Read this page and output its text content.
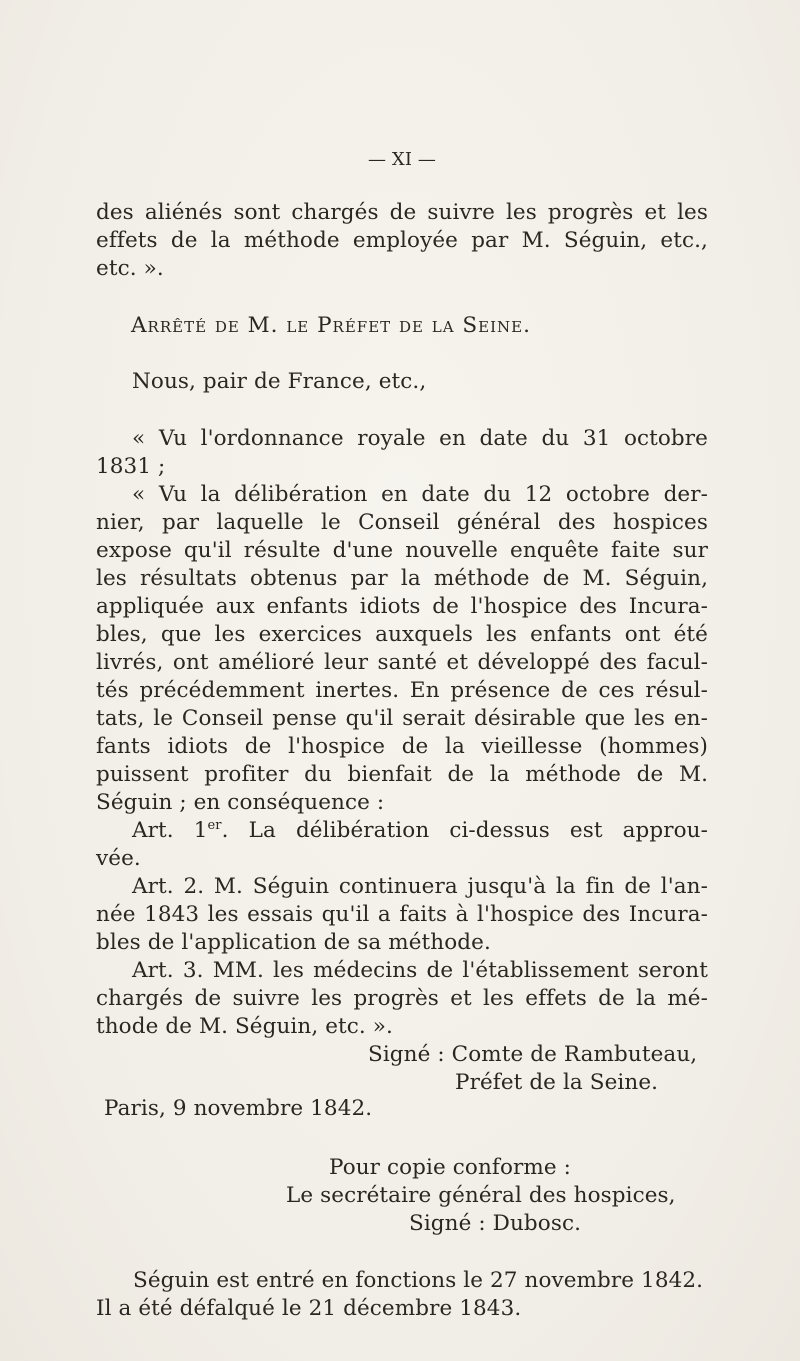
— XI —
des aliénés sont chargés de suivre les progrès et les
effets de la méthode employée par M. Séguin, etc.,
etc. ».
Arrêté de M. le Préfet de la Seine.
Nous, pair de France, etc.,
« Vu l'ordonnance royale en date du 31 octobre
1831 ;
« Vu la délibération en date du 12 octobre der-
nier, par laquelle le Conseil général des hospices
expose qu'il résulte d'une nouvelle enquête faite sur
les résultats obtenus par la méthode de M. Séguin,
appliquée aux enfants idiots de l'hospice des Incura-
bles, que les exercices auxquels les enfants ont été
livrés, ont amélioré leur santé et développé des facul-
tés précédemment inertes. En présence de ces résul-
tats, le Conseil pense qu'il serait désirable que les en-
fants idiots de l'hospice de la vieillesse (hommes)
puissent profiter du bienfait de la méthode de M.
Séguin ; en conséquence :
Art. 1er. La délibération ci-dessus est approu-
vée.
Art. 2. M. Séguin continuera jusqu'à la fin de l'an-
née 1843 les essais qu'il a faits à l'hospice des Incura-
bles de l'application de sa méthode.
Art. 3. MM. les médecins de l'établissement seront
chargés de suivre les progrès et les effets de la mé-
thode de M. Séguin, etc. ».
Signé : Comte de Rambuteau,
Préfet de la Seine.
Paris, 9 novembre 1842.
Pour copie conforme :
Le secrétaire général des hospices,
Signé : Dubosc.
Séguin est entré en fonctions le 27 novembre 1842.
Il a été défalqué le 21 décembre 1843.
